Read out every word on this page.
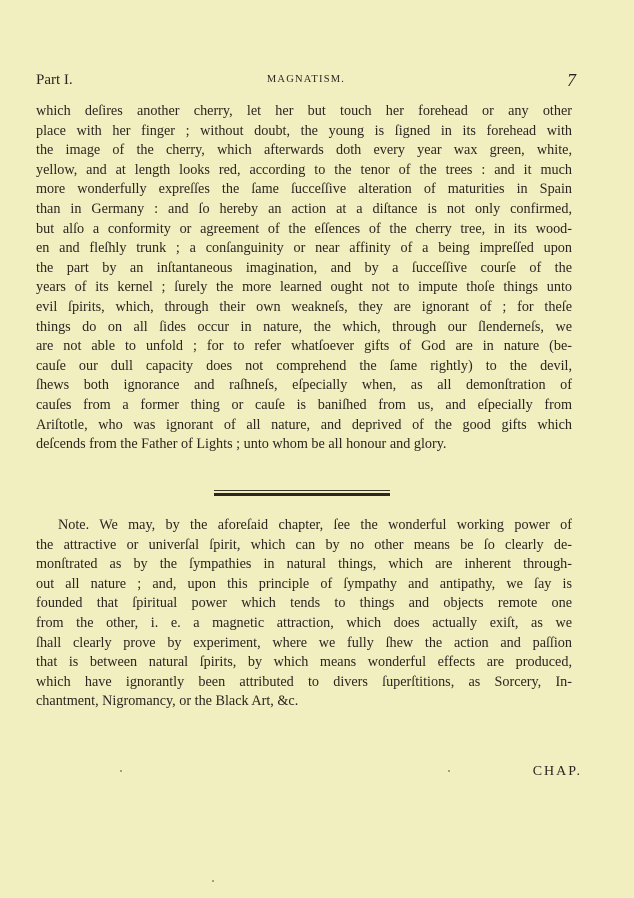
Part I.	MAGNATISM.	7
which deſires another cherry, let her but touch her forehead or any other
place with her finger ; without doubt, the young is ſigned in its forehead with
the image of the cherry, which afterwards doth every year wax green, white,
yellow, and at length looks red, according to the tenor of the trees : and it much
more wonderfully expreſſes the ſame ſucceſſive alteration of maturities in Spain
than in Germany : and ſo hereby an action at a diſtance is not only confirmed,
but alſo a conformity or agreement of the eſſences of the cherry tree, in its wood-
en and fleſhly trunk ; a conſanguinity or near affinity of a being impreſſed upon
the part by an inſtantaneous imagination, and by a ſucceſſive courſe of the
years of its kernel ; ſurely the more learned ought not to impute thoſe things unto
evil ſpirits, which, through their own weakneſs, they are ignorant of ; for theſe
things do on all ſides occur in nature, the which, through our ſlenderneſs, we
are not able to unfold ; for to refer whatſoever gifts of God are in nature (be-
cauſe our dull capacity does not comprehend the ſame rightly) to the devil,
ſhews both ignorance and raſhneſs, eſpecially when, as all demonſtration of
cauſes from a former thing or cauſe is baniſhed from us, and eſpecially from
Ariſtotle, who was ignorant of all nature, and deprived of the good gifts which
deſcends from the Father of Lights ; unto whom be all honour and glory.
Note. We may, by the aforeſaid chapter, ſee the wonderful working power of
the attractive or univerſal ſpirit, which can by no other means be ſo clearly de-
monſtrated as by the ſympathies in natural things, which are inherent through-
out all nature ; and, upon this principle of ſympathy and antipathy, we ſay is
founded that ſpiritual power which tends to things and objects remote one
from the other, i. e. a magnetic attraction, which does actually exiſt, as we
ſhall clearly prove by experiment, where we fully ſhew the action and paſſion
that is between natural ſpirits, by which means wonderful effects are produced,
which have ignorantly been attributed to divers ſuperſtitions, as Sorcery, In-
chantment, Nigromancy, or the Black Art, &c.
CHAP.
